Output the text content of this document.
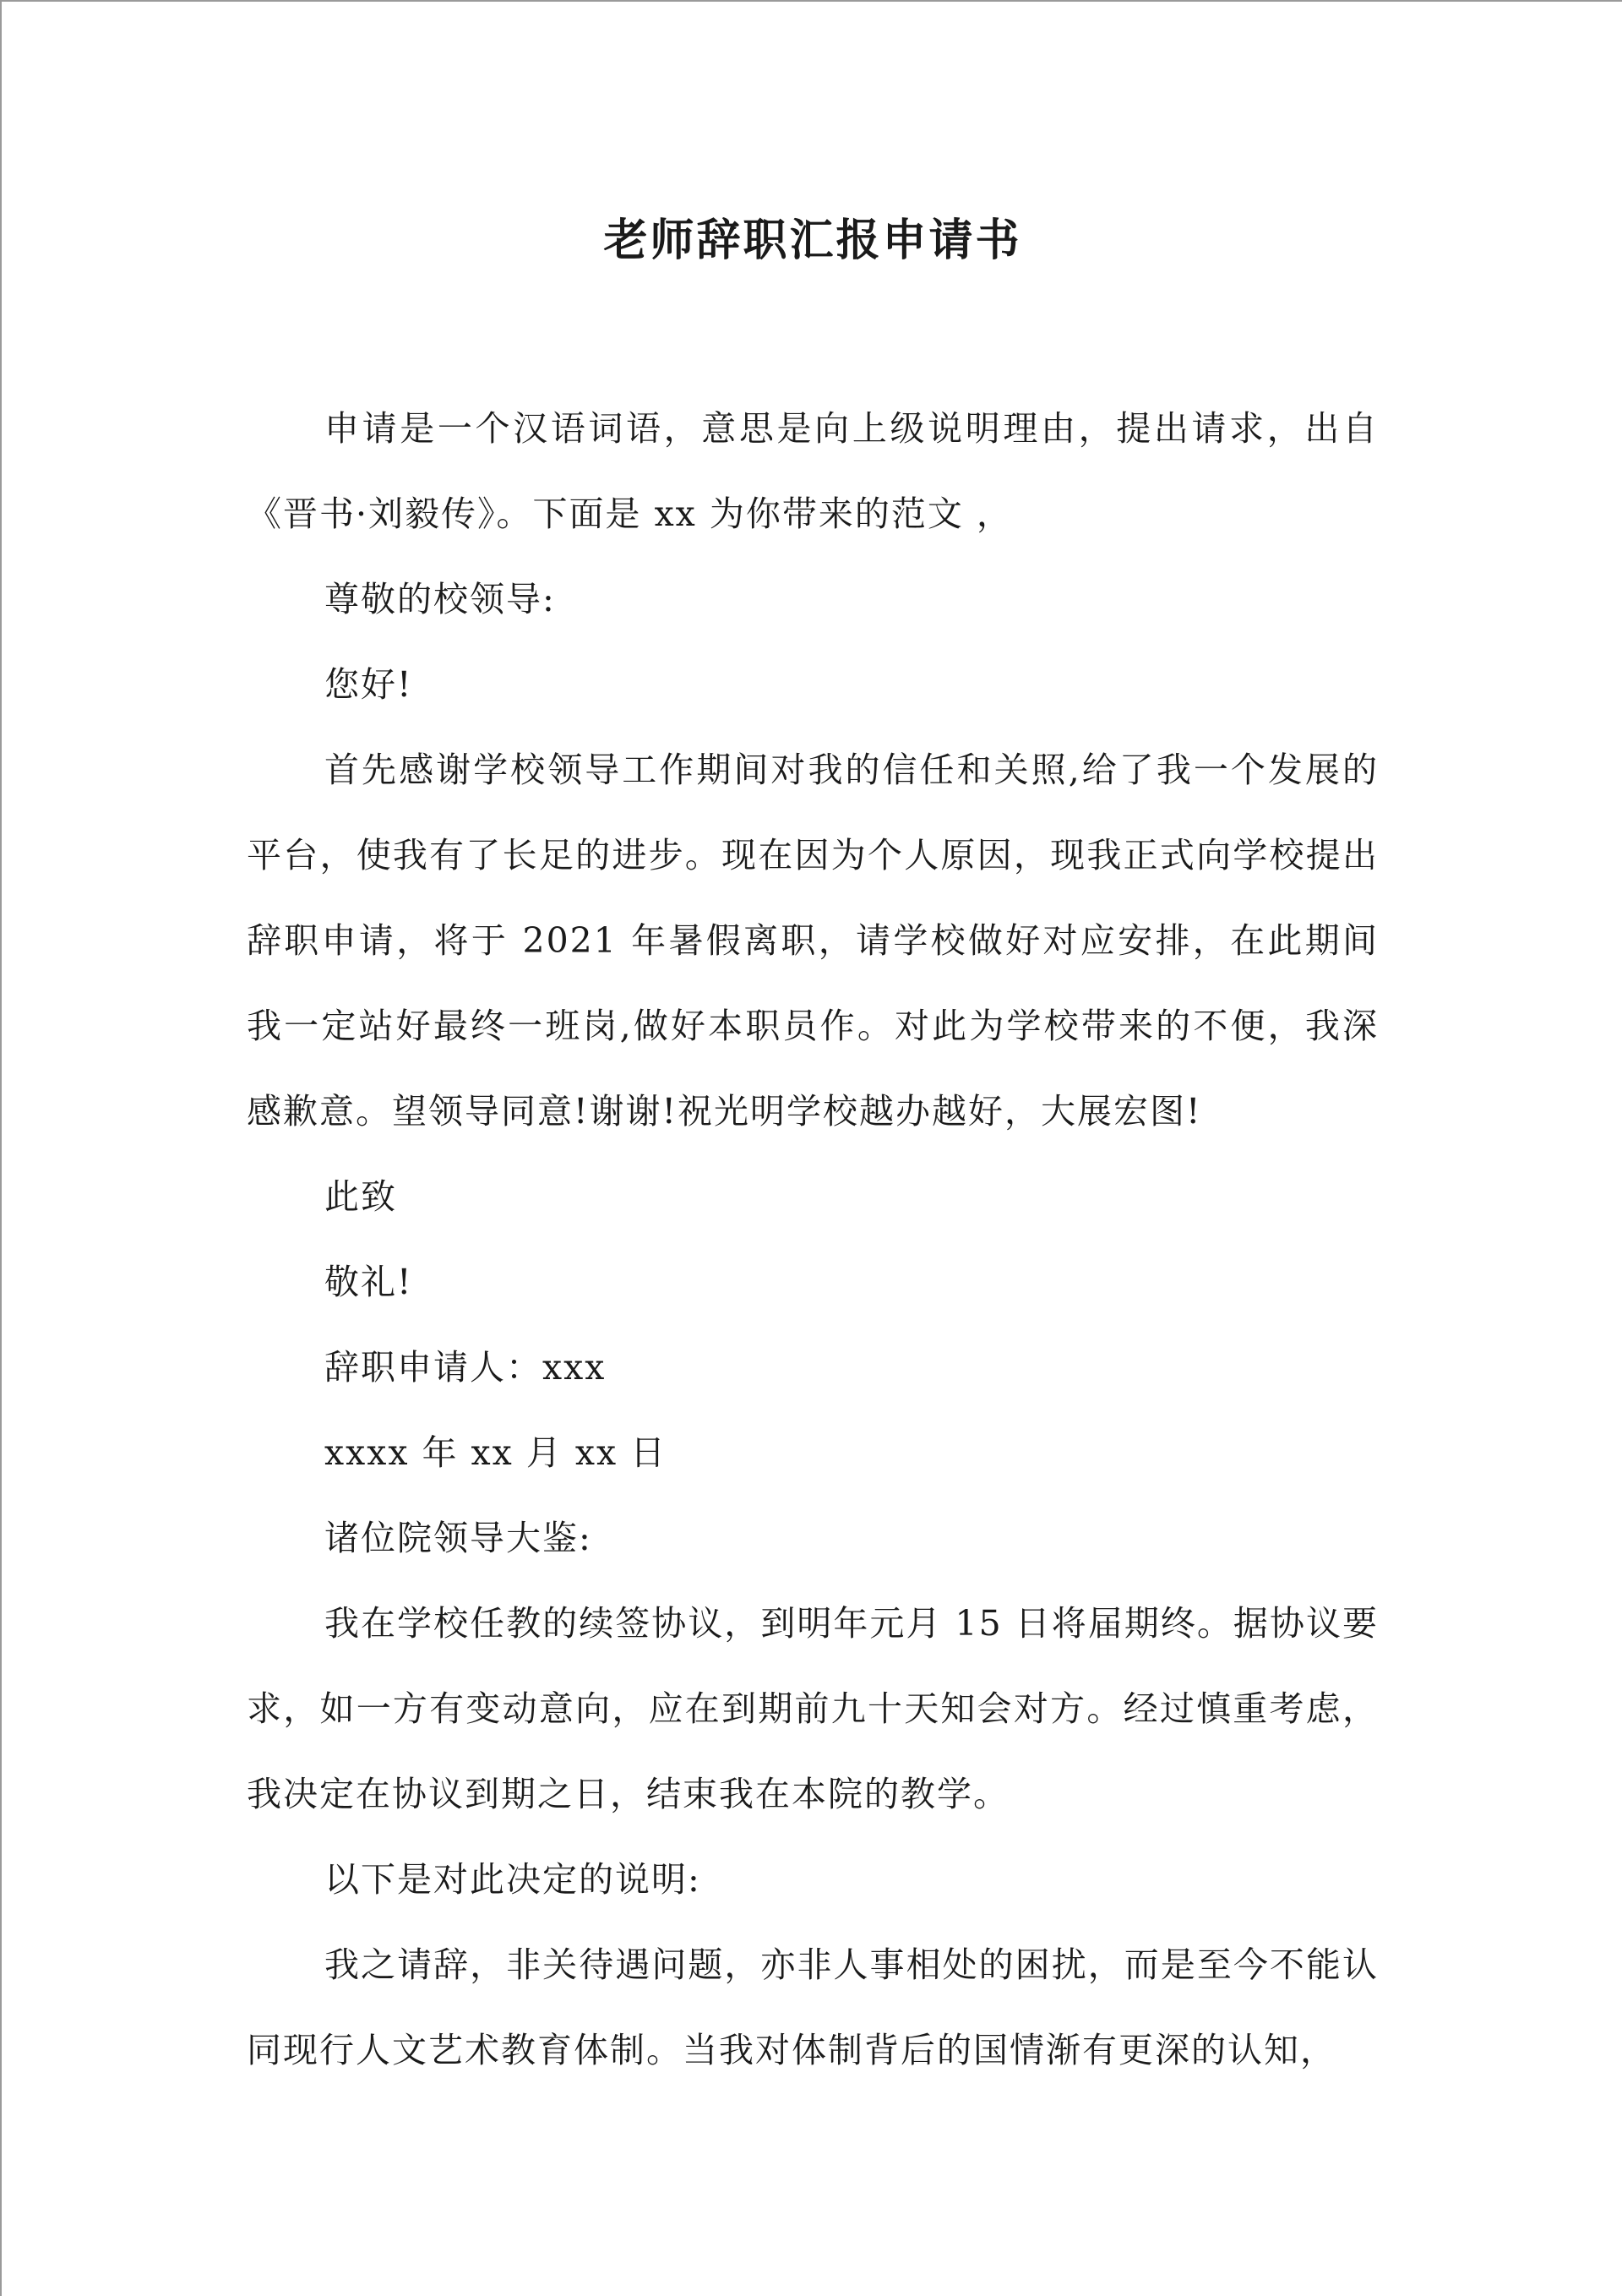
老师辞职汇报申请书

申请是一个汉语词语，意思是向上级说明理由，提出请求，出自《晋书·刘毅传》。下面是 xx 为你带来的范文 ，

尊敬的校领导:

您好!

首先感谢学校领导工作期间对我的信任和关照,给了我一个发展的平台，使我有了长足的进步。现在因为个人原因，现我正式向学校提出辞职申请，将于 2021 年暑假离职，请学校做好对应安排，在此期间我一定站好最终一班岗,做好本职员作。对此为学校带来的不便，我深感歉意。望领导同意!谢谢!祝光明学校越办越好，大展宏图!

此致

敬礼!

辞职申请人：xxx

xxxx 年 xx 月 xx 日

诸位院领导大鉴:

我在学校任教的续签协议，到明年元月 15 日将届期终。据协议要求，如一方有变动意向，应在到期前九十天知会对方。经过慎重考虑，我决定在协议到期之日，结束我在本院的教学。

以下是对此决定的说明:

我之请辞，非关待遇问题，亦非人事相处的困扰，而是至今不能认同现行人文艺术教育体制。当我对体制背后的国情渐有更深的认知，
